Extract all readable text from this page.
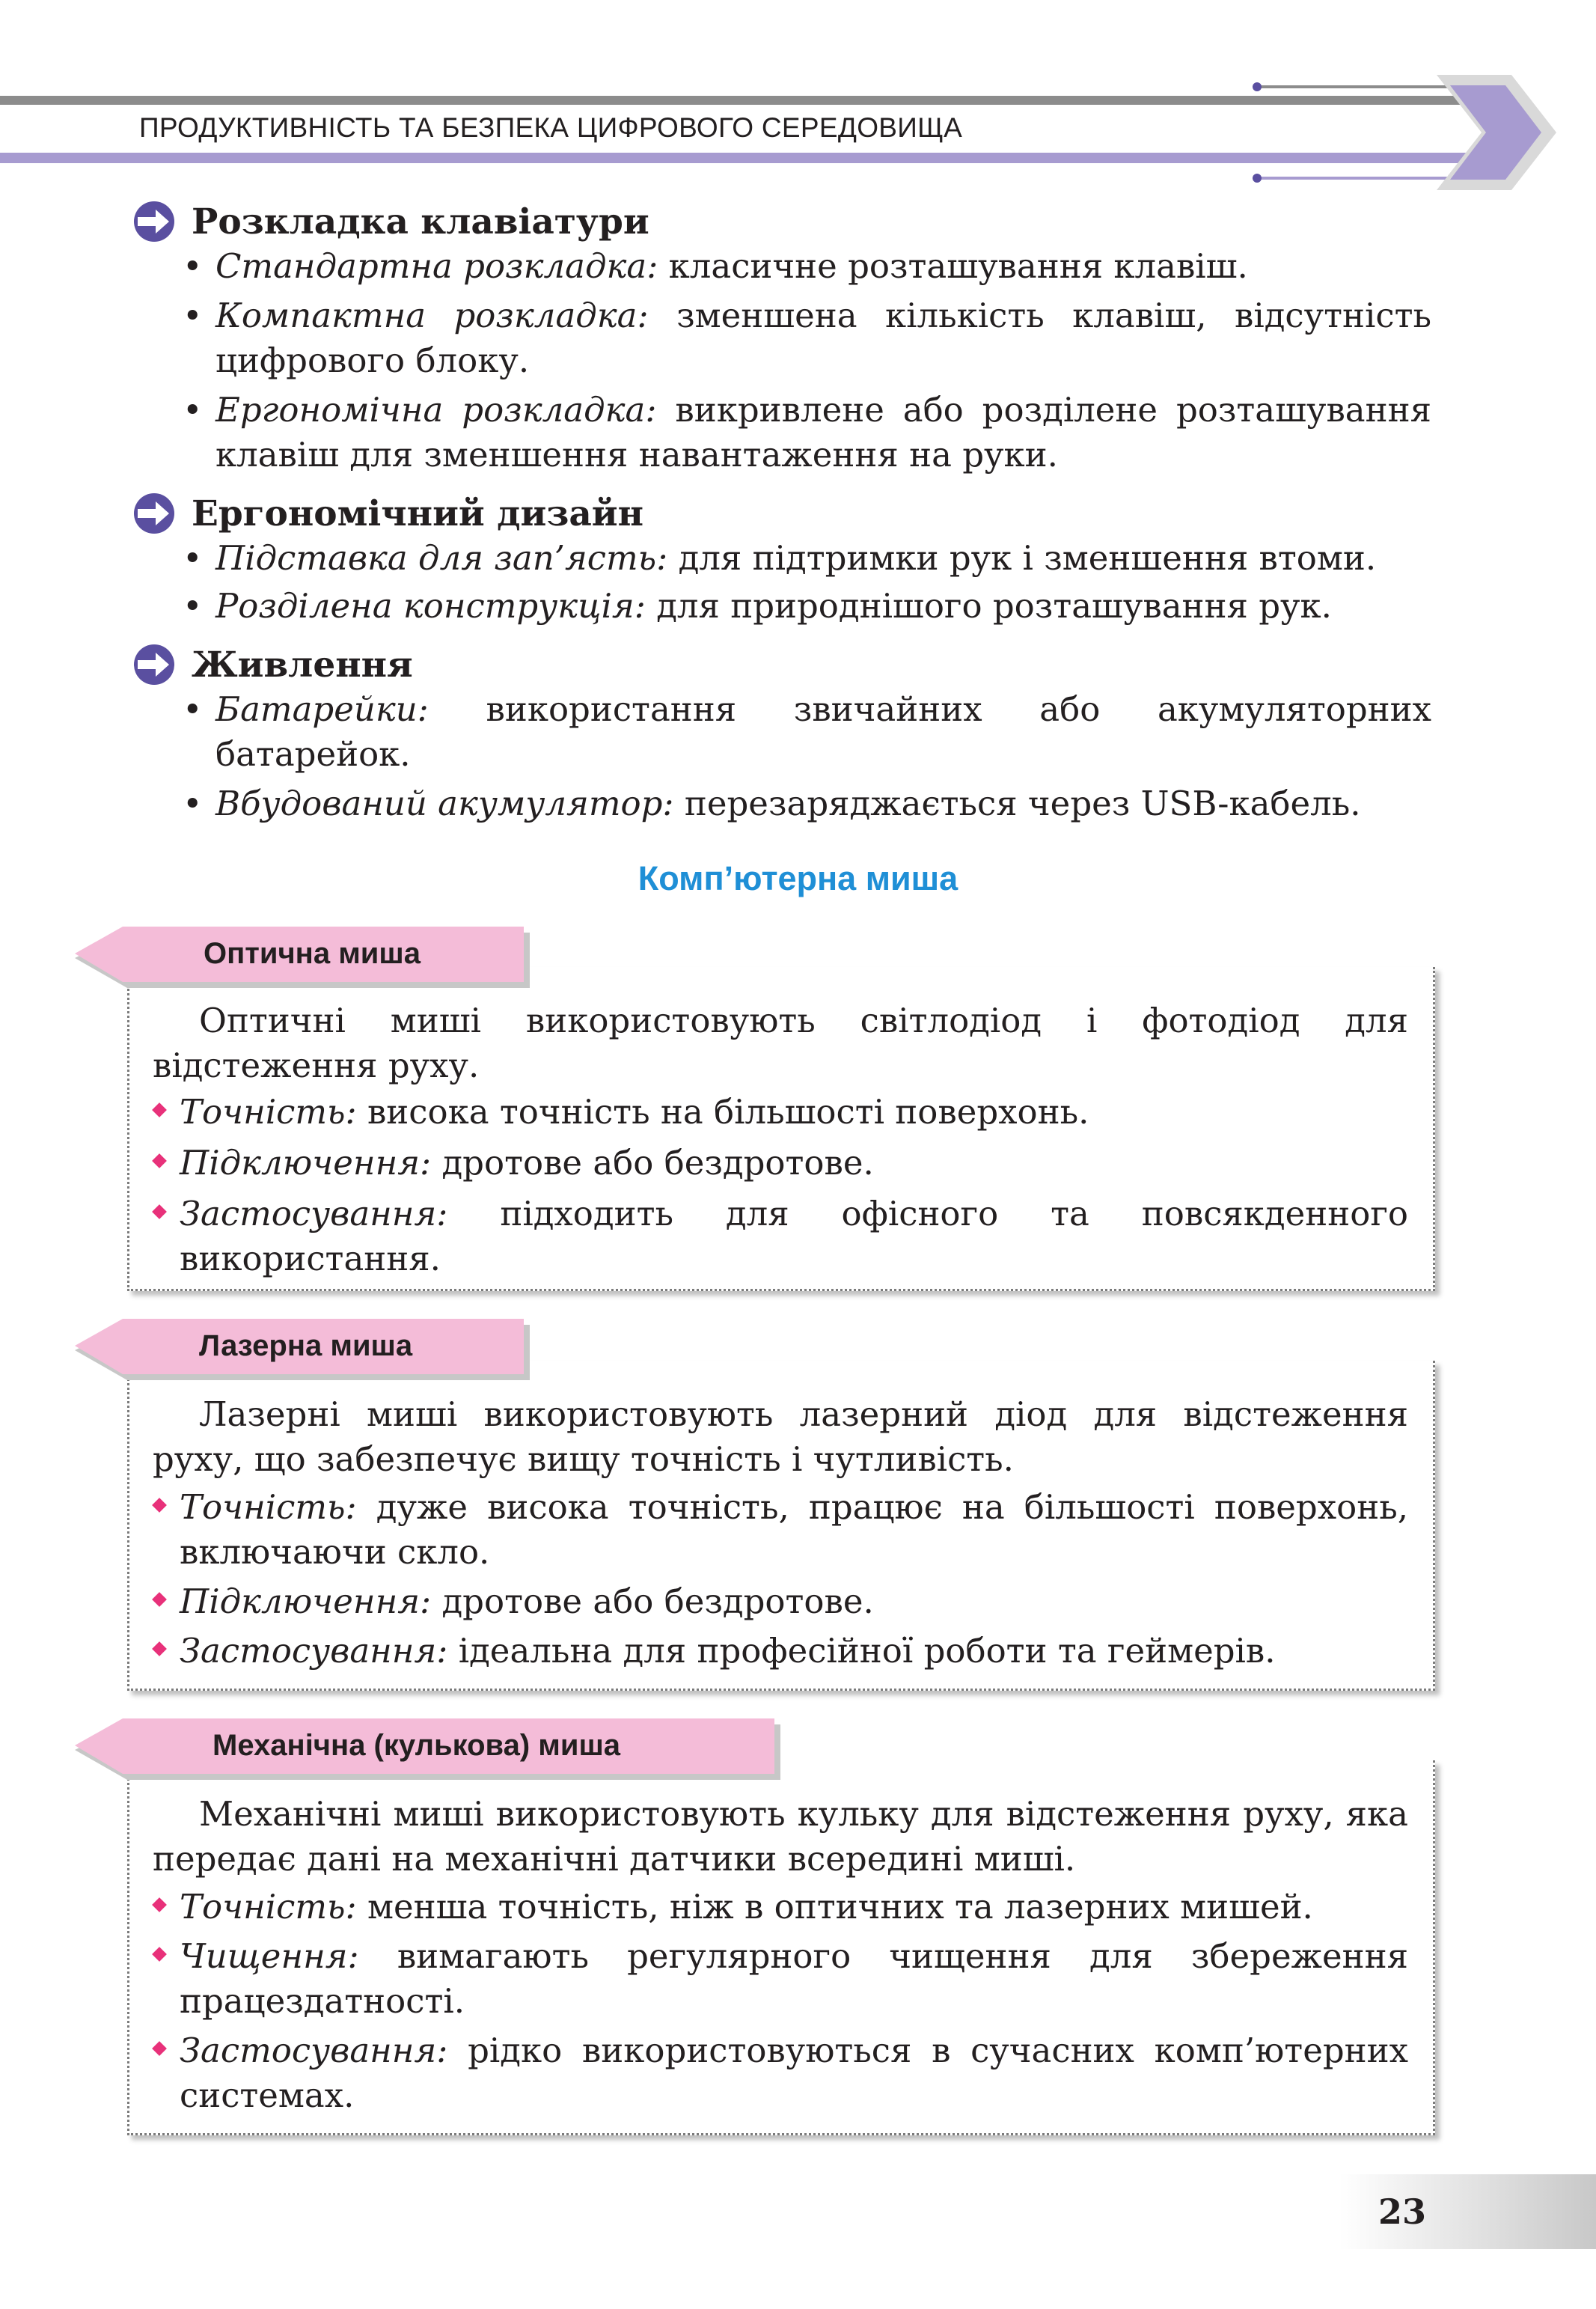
ПРОДУКТИВНІСТЬ ТА БЕЗПЕКА ЦИФРОВОГО СЕРЕДОВИЩА
Розкладка клавіатури
• Стандартна розкладка: класичне розташування клавіш.
• Компактна розкладка: зменшена кількість клавіш, відсутність цифрового блоку.
• Ергономічна розкладка: викривлене або розділене розташування клавіш для зменшення навантаження на руки.
Ергономічний дизайн
• Підставка для зап’ясть: для підтримки рук і зменшення втоми.
• Розділена конструкція: для природнішого розташування рук.
Живлення
• Батарейки: використання звичайних або акумуляторних батарейок.
• Вбудований акумулятор: перезаряджається через USB-кабель.
Комп’ютерна миша
Оптична миша
Оптичні миші використовують світлодіод і фотодіод для відстеження руху.
Точність: висока точність на більшості поверхонь.
Підключення: дротове або бездротове.
Застосування: підходить для офісного та повсякденного використання.
Лазерна миша
Лазерні миші використовують лазерний діод для відстеження руху, що забезпечує вищу точність і чутливість.
Точність: дуже висока точність, працює на більшості поверхонь, включаючи скло.
Підключення: дротове або бездротове.
Застосування: ідеальна для професійної роботи та геймерів.
Механічна (кулькова) миша
Механічні миші використовують кульку для відстеження руху, яка передає дані на механічні датчики всередині миші.
Точність: менша точність, ніж в оптичних та лазерних мишей.
Чищення: вимагають регулярного чищення для збереження працездатності.
Застосування: рідко використовуються в сучасних комп’ютерних системах.
23
